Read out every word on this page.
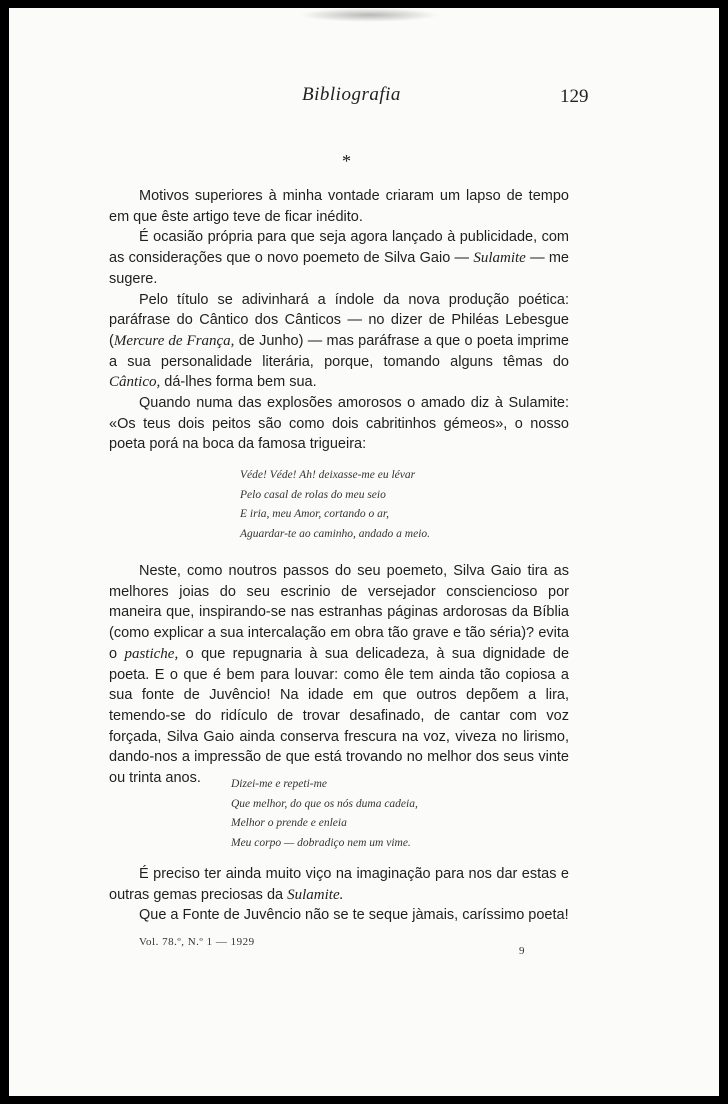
Bibliografia	129
*

Motivos superiores à minha vontade criaram um lapso de tempo em que êste artigo teve de ficar inédito.

É ocasião própria para que seja agora lançado à publicidade, com as considerações que o novo poemeto de Silva Gaio — Sulamite — me sugere.

Pelo título se adivinhará a índole da nova produção poética: paráfrase do Cântico dos Cânticos — no dizer de Philéas Lebesgue (Mercure de França, de Junho) — mas paráfrase a que o poeta imprime a sua personalidade literária, porque, tomando alguns têmas do Cântico, dá-lhes forma bem sua.

Quando numa das explosões amorosos o amado diz à Sulamite: «Os teus dois peitos são como dois cabritinhos gémeos», o nosso poeta porá na boca da famosa trigueira:

Véde! Véde! Ah! deixasse-me eu lévar
Pelo casal de rolas do meu seio
E iria, meu Amor, cortando o ar,
Aguardar-te ao caminho, andado a meio.

Neste, como noutros passos do seu poemeto, Silva Gaio tira as melhores joias do seu escrinio de versejador consciencioso por maneira que, inspirando-se nas estranhas páginas ardorosas da Bíblia (como explicar a sua intercalação em obra tão grave e tão séria)? evita o pastiche, o que repugnaria à sua delicadeza, à sua dignidade de poeta. E o que é bem para louvar: como êle tem ainda tão copiosa a sua fonte de Juvêncio! Na idade em que outros depõem a lira, temendo-se do ridículo de trovar desafinado, de cantar com voz forçada, Silva Gaio ainda conserva frescura na voz, viveza no lirismo, dando-nos a impressão de que está trovando no melhor dos seus vinte ou trinta anos.	Dizei-me e repeti-me
Que melhor, do que os nós duma cadeia,
Melhor o prende e enleia
Meu corpo — dobradiço nem um vime.

É preciso ter ainda muito viço na imaginação para nos dar estas e outras gemas preciosas da Sulamite.

Que a Fonte de Juvêncio não se te seque jàmais, caríssimo poeta!

Vol. 78.º, N.º 1 — 1929
9
